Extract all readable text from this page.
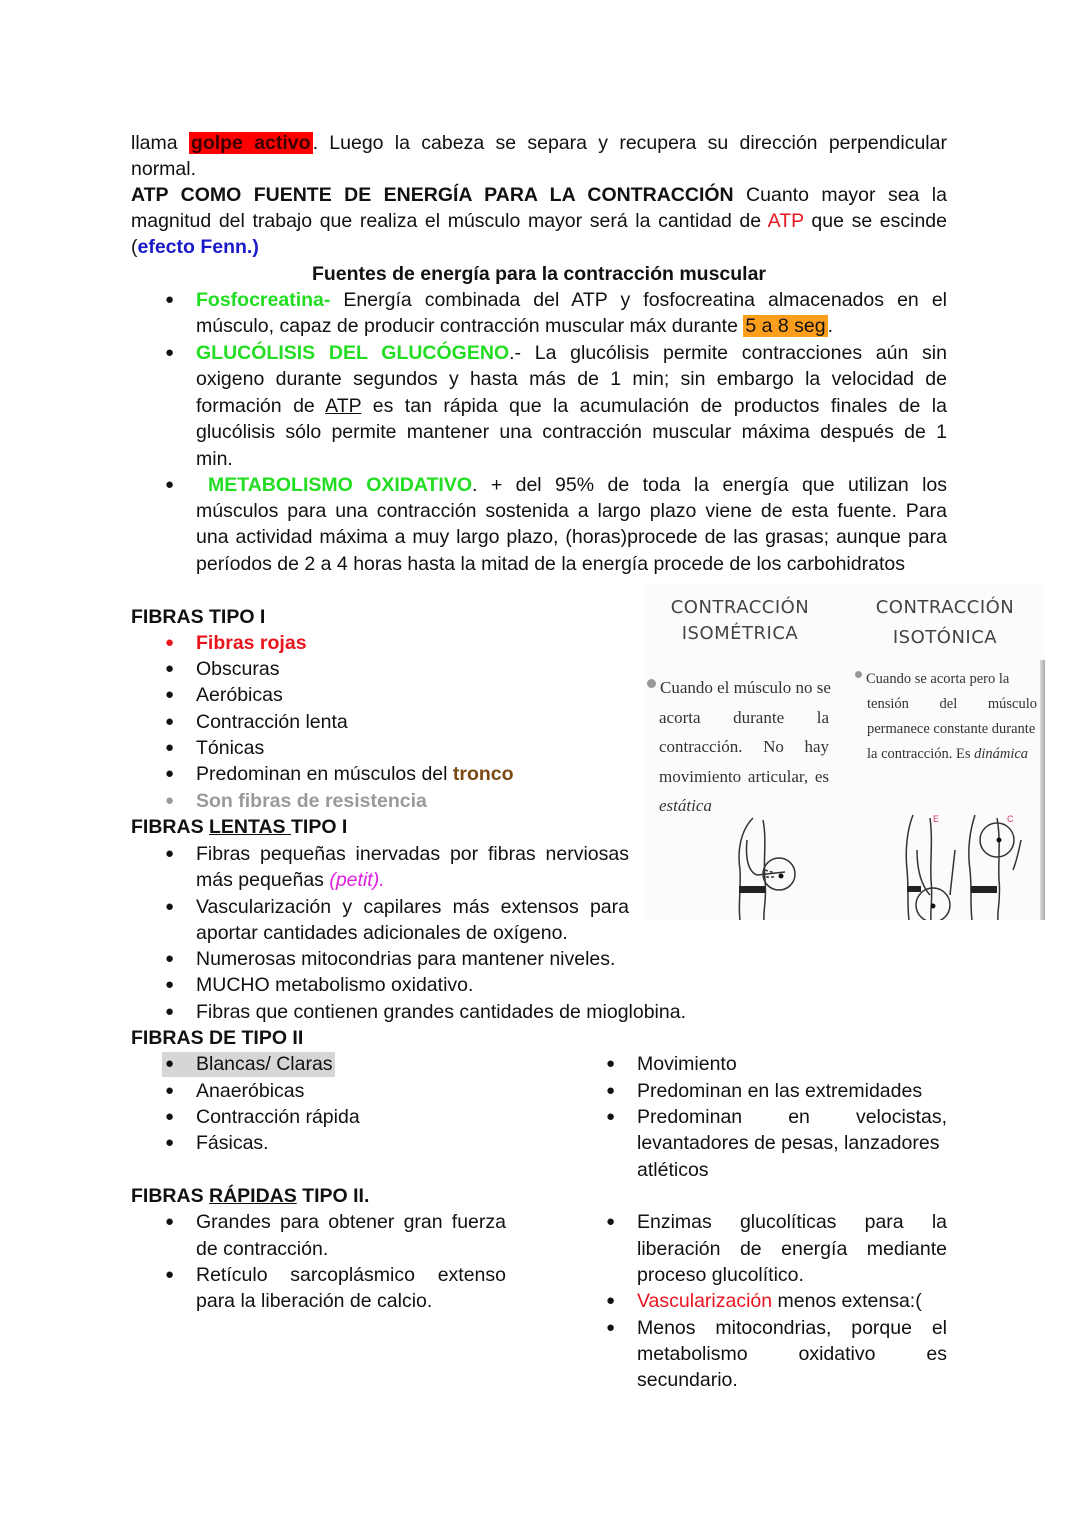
llama golpe activo . Luego la cabeza se separa y recupera su dirección perpendicular
normal.
ATP COMO FUENTE DE ENERGÍA PARA LA CONTRACCIÓN Cuanto mayor sea la
magnitud del trabajo que realiza el músculo mayor será la cantidad de ATP que se escinde
(efecto Fenn.)
Fuentes de energía para la contracción muscular
● Fosfocreatina- Energía combinada del ATP y fosfocreatina almacenados en el
músculo, capaz de producir contracción muscular máx durante 5 a 8 seg .
● GLUCÓLISIS DEL GLUCÓGENO.- La glucólisis permite contracciones aún sin
oxigeno durante segundos y hasta más de 1 min; sin embargo la velocidad de
formación de ATP es tan rápida que la acumulación de productos finales de la
glucólisis sólo permite mantener una contracción muscular máxima después de 1
min.
● METABOLISMO OXIDATIVO. + del 95% de toda la energía que utilizan los
músculos para una contracción sostenida a largo plazo viene de esta fuente. Para
una actividad máxima a muy largo plazo, (horas)procede de las grasas; aunque para
períodos de 2 a 4 horas hasta la mitad de la energía procede de los carbohidratos
FIBRAS TIPO I
● Fibras rojas
● Obscuras
● Aeróbicas
● Contracción lenta
● Tónicas
● Predominan en músculos del tronco
● Son fibras de resistencia
FIBRAS LENTAS TIPO I
● Fibras pequeñas inervadas por fibras nerviosas
más pequeñas (petit).
● Vascularización y capilares más extensos para
aportar cantidades adicionales de oxígeno.
● Numerosas mitocondrias para mantener niveles.
● MUCHO metabolismo oxidativo.
● Fibras que contienen grandes cantidades de mioglobina.
CONTRACCIÓN
ISOMÉTRICA
CONTRACCIÓN
ISOTÓNICA
Cuando el músculo no se
acorta durante la
contracción. No hay
movimiento articular, es
estática
Cuando se acorta pero la
tensión del músculo
permanece constante durante
la contracción. Es dinámica
E	C
FIBRAS DE TIPO II
● Blancas/ Claras
● Anaeróbicas
● Contracción rápida
● Fásicas.
● Movimiento
● Predominan en las extremidades
● Predominan en velocistas,
levantadores de pesas, lanzadores
atléticos
FIBRAS RÁPIDAS TIPO II.
● Grandes para obtener gran fuerza
de contracción.
● Retículo sarcoplásmico extenso
para la liberación de calcio.
● Enzimas glucolíticas para la
liberación de energía mediante
proceso glucolítico.
● Vascularización menos extensa:(
● Menos mitocondrias, porque el
metabolismo oxidativo es
secundario.
